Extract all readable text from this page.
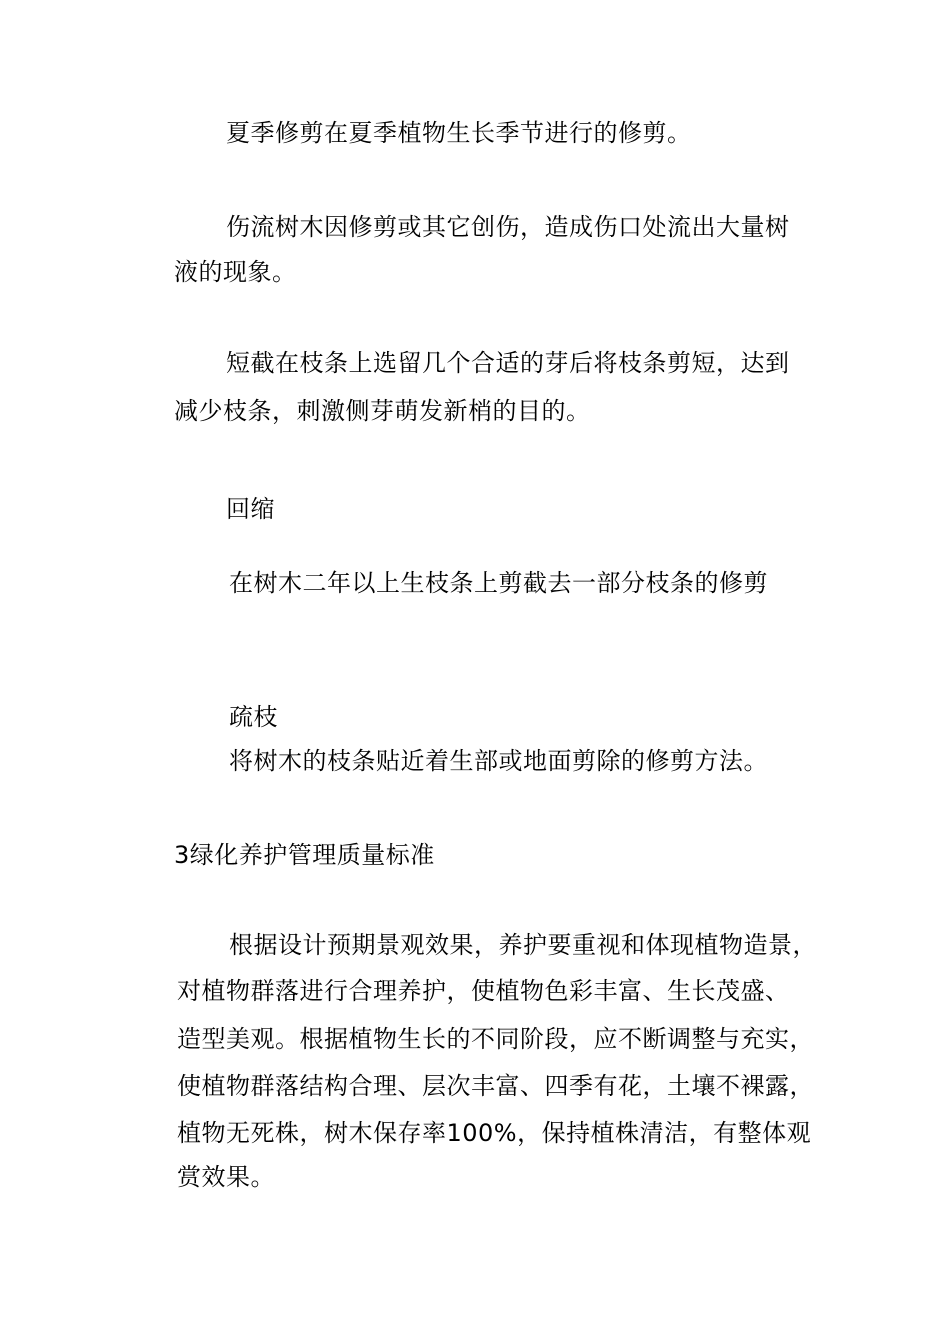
夏季修剪在夏季植物生长季节进行的修剪。
伤流树木因修剪或其它创伤，造成伤口处流出大量树
液的现象。
短截在枝条上选留几个合适的芽后将枝条剪短，达到
减少枝条，刺激侧芽萌发新梢的目的。
回缩
在树木二年以上生枝条上剪截去一部分枝条的修剪
疏枝
将树木的枝条贴近着生部或地面剪除的修剪方法。
3绿化养护管理质量标准
根据设计预期景观效果，养护要重视和体现植物造景，
对植物群落进行合理养护，使植物色彩丰富、生长茂盛、
造型美观。根据植物生长的不同阶段，应不断调整与充实，
使植物群落结构合理、层次丰富、四季有花，土壤不裸露，
植物无死株，树木保存率100%，保持植株清洁，有整体观
赏效果。
